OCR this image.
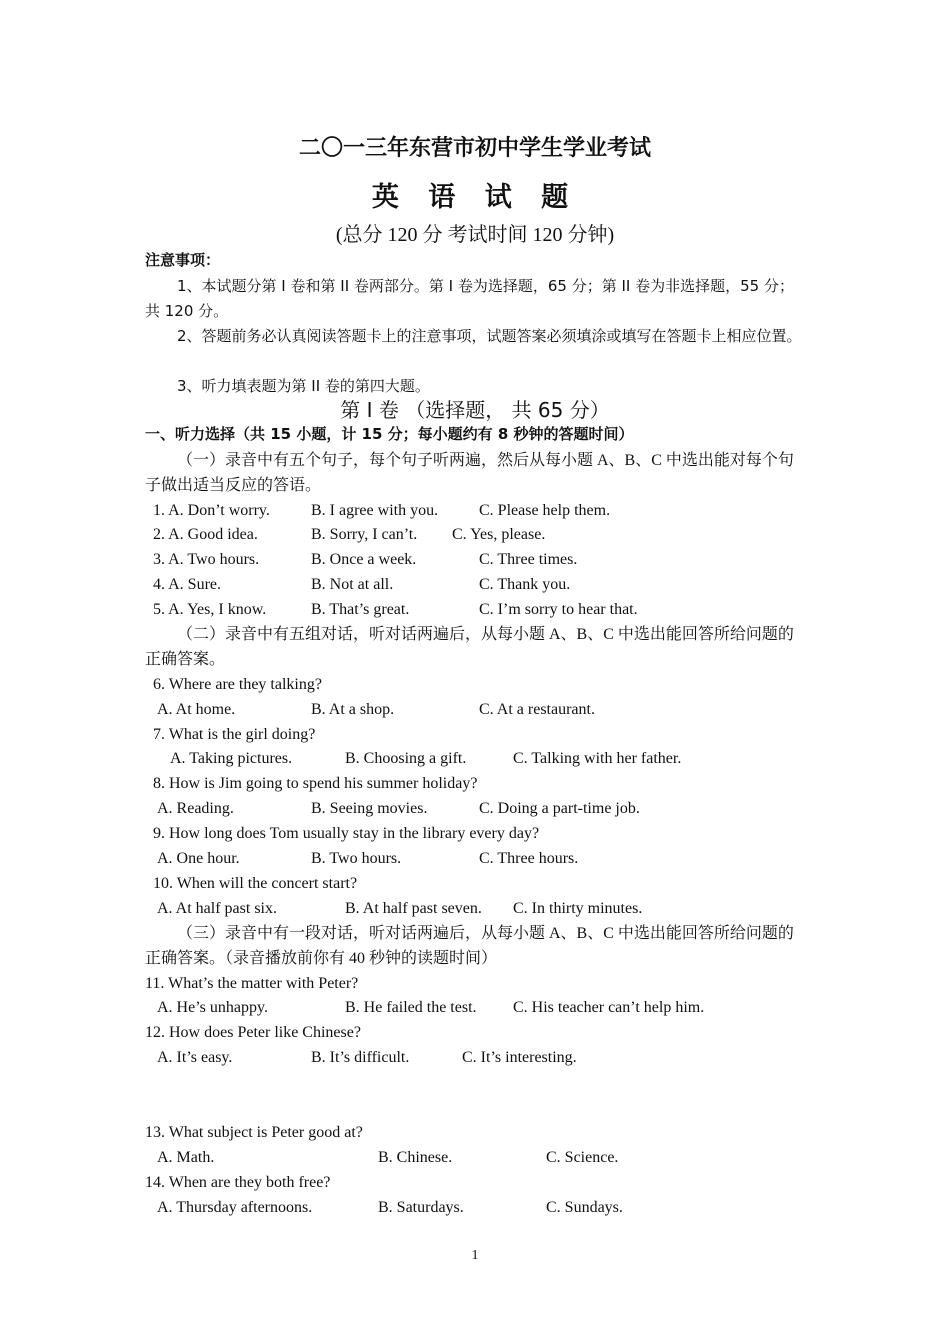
二〇一三年东营市初中学生学业考试
英 语 试 题
(总分 120 分 考试时间 120 分钟)
注意事项：
1、本试题分第 I 卷和第 II 卷两部分。第 I 卷为选择题，65 分；第 II 卷为非选择题，55 分；共 120 分。
2、答题前务必认真阅读答题卡上的注意事项，试题答案必须填涂或填写在答题卡上相应位置。
3、听力填表题为第 II 卷的第四大题。
第 I 卷 （选择题， 共 65 分）
一、听力选择（共 15 小题，计 15 分；每小题约有 8 秒钟的答题时间）
（一）录音中有五个句子，每个句子听两遍，然后从每小题 A、B、C 中选出能对每个句子做出适当反应的答语。
1. A. Don’t worry.	B. I agree with you.	C. Please help them.
2. A. Good idea.	B. Sorry, I can’t. C. Yes, please.
3. A. Two hours.	B. Once a week.	C. Three times.
4. A. Sure.	B. Not at all.	C. Thank you.
5. A. Yes, I know.	B. That’s great.	C. I’m sorry to hear that.
（二）录音中有五组对话，听对话两遍后，从每小题 A、B、C 中选出能回答所给问题的正确答案。
6. Where are they talking?
A. At home.	B. At a shop.	C. At a restaurant.
7. What is the girl doing?
A. Taking pictures.	B. Choosing a gift.	C. Talking with her father.
8. How is Jim going to spend his summer holiday?
A. Reading.	B. Seeing movies.	C. Doing a part-time job.
9. How long does Tom usually stay in the library every day?
A. One hour.	B. Two hours.	C. Three hours.
10. When will the concert start?
A. At half past six.	B. At half past seven. C. In thirty minutes.
（三）录音中有一段对话，听对话两遍后，从每小题 A、B、C 中选出能回答所给问题的正确答案。（录音播放前你有 40 秒钟的读题时间）
11. What’s the matter with Peter?
A. He’s unhappy.	B. He failed the test. C. His teacher can’t help him.
12. How does Peter like Chinese?
A. It’s easy.	B. It’s difficult.	C. It’s interesting.
13. What subject is Peter good at?
A. Math.	B. Chinese.	C. Science.
14. When are they both free?
A. Thursday afternoons.	B. Saturdays.	C. Sundays.
1
